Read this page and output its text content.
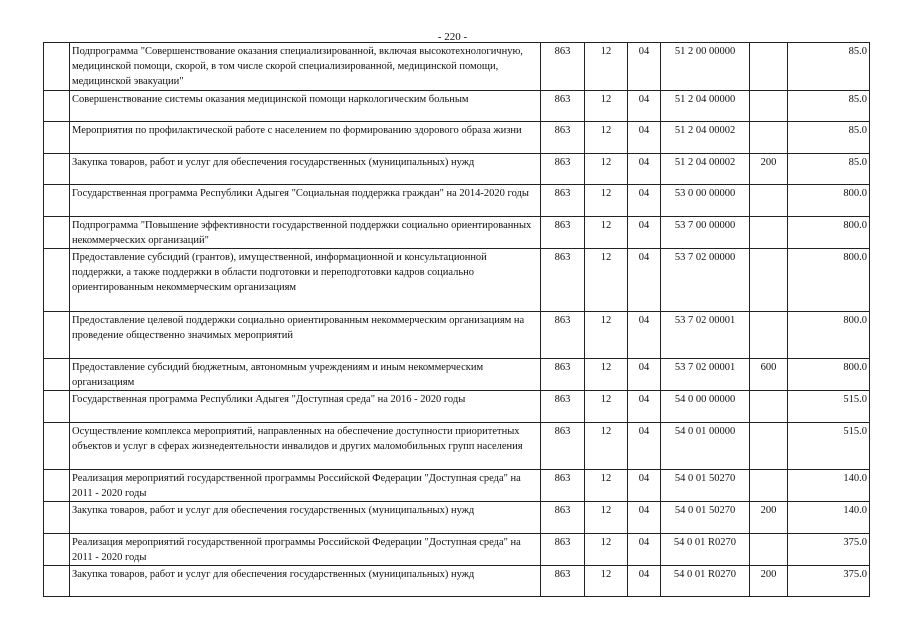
- 220 -
	Подпрограмма "Совершенствование оказания специализированной, включая высокотехнологичную, медицинской помощи, скорой, в том числе скорой специализированной, медицинской помощи, медицинской эвакуации"	863	12	04	51 2 00 00000		85.0
	Совершенствование системы оказания медицинской помощи наркологическим больным	863	12	04	51 2 04 00000		85.0
	Мероприятия по профилактической работе с населением по формированию здорового образа жизни	863	12	04	51 2 04 00002		85.0
	Закупка товаров, работ и услуг для обеспечения государственных (муниципальных) нужд	863	12	04	51 2 04 00002	200	85.0
	Государственная программа Республики Адыгея "Социальная поддержка граждан" на 2014-2020 годы	863	12	04	53 0 00 00000		800.0
	Подпрограмма "Повышение эффективности государственной поддержки социально ориентированных некоммерческих организаций"	863	12	04	53 7 00 00000		800.0
	Предоставление субсидий (грантов), имущественной, информационной и консультационной поддержки, а также поддержки в области подготовки и переподготовки кадров социально ориентированным некоммерческим организациям	863	12	04	53 7 02 00000		800.0
	Предоставление целевой поддержки социально ориентированным некоммерческим организациям на проведение общественно значимых мероприятий	863	12	04	53 7 02 00001		800.0
	Предоставление субсидий бюджетным, автономным учреждениям и иным некоммерческим организациям	863	12	04	53 7 02 00001	600	800.0
	Государственная программа Республики Адыгея "Доступная среда" на 2016 - 2020 годы	863	12	04	54 0 00 00000		515.0
	Осуществление комплекса мероприятий, направленных на обеспечение доступности приоритетных объектов и услуг в сферах жизнедеятельности инвалидов и других маломобильных групп населения	863	12	04	54 0 01 00000		515.0
	Реализация мероприятий государственной программы Российской Федерации "Доступная среда" на 2011 - 2020 годы	863	12	04	54 0 01 50270		140.0
	Закупка товаров, работ и услуг для обеспечения государственных (муниципальных) нужд	863	12	04	54 0 01 50270	200	140.0
	Реализация мероприятий государственной программы Российской Федерации "Доступная среда" на 2011 - 2020 годы	863	12	04	54 0 01 R0270		375.0
	Закупка товаров, работ и услуг для обеспечения государственных (муниципальных) нужд	863	12	04	54 0 01 R0270	200	375.0
